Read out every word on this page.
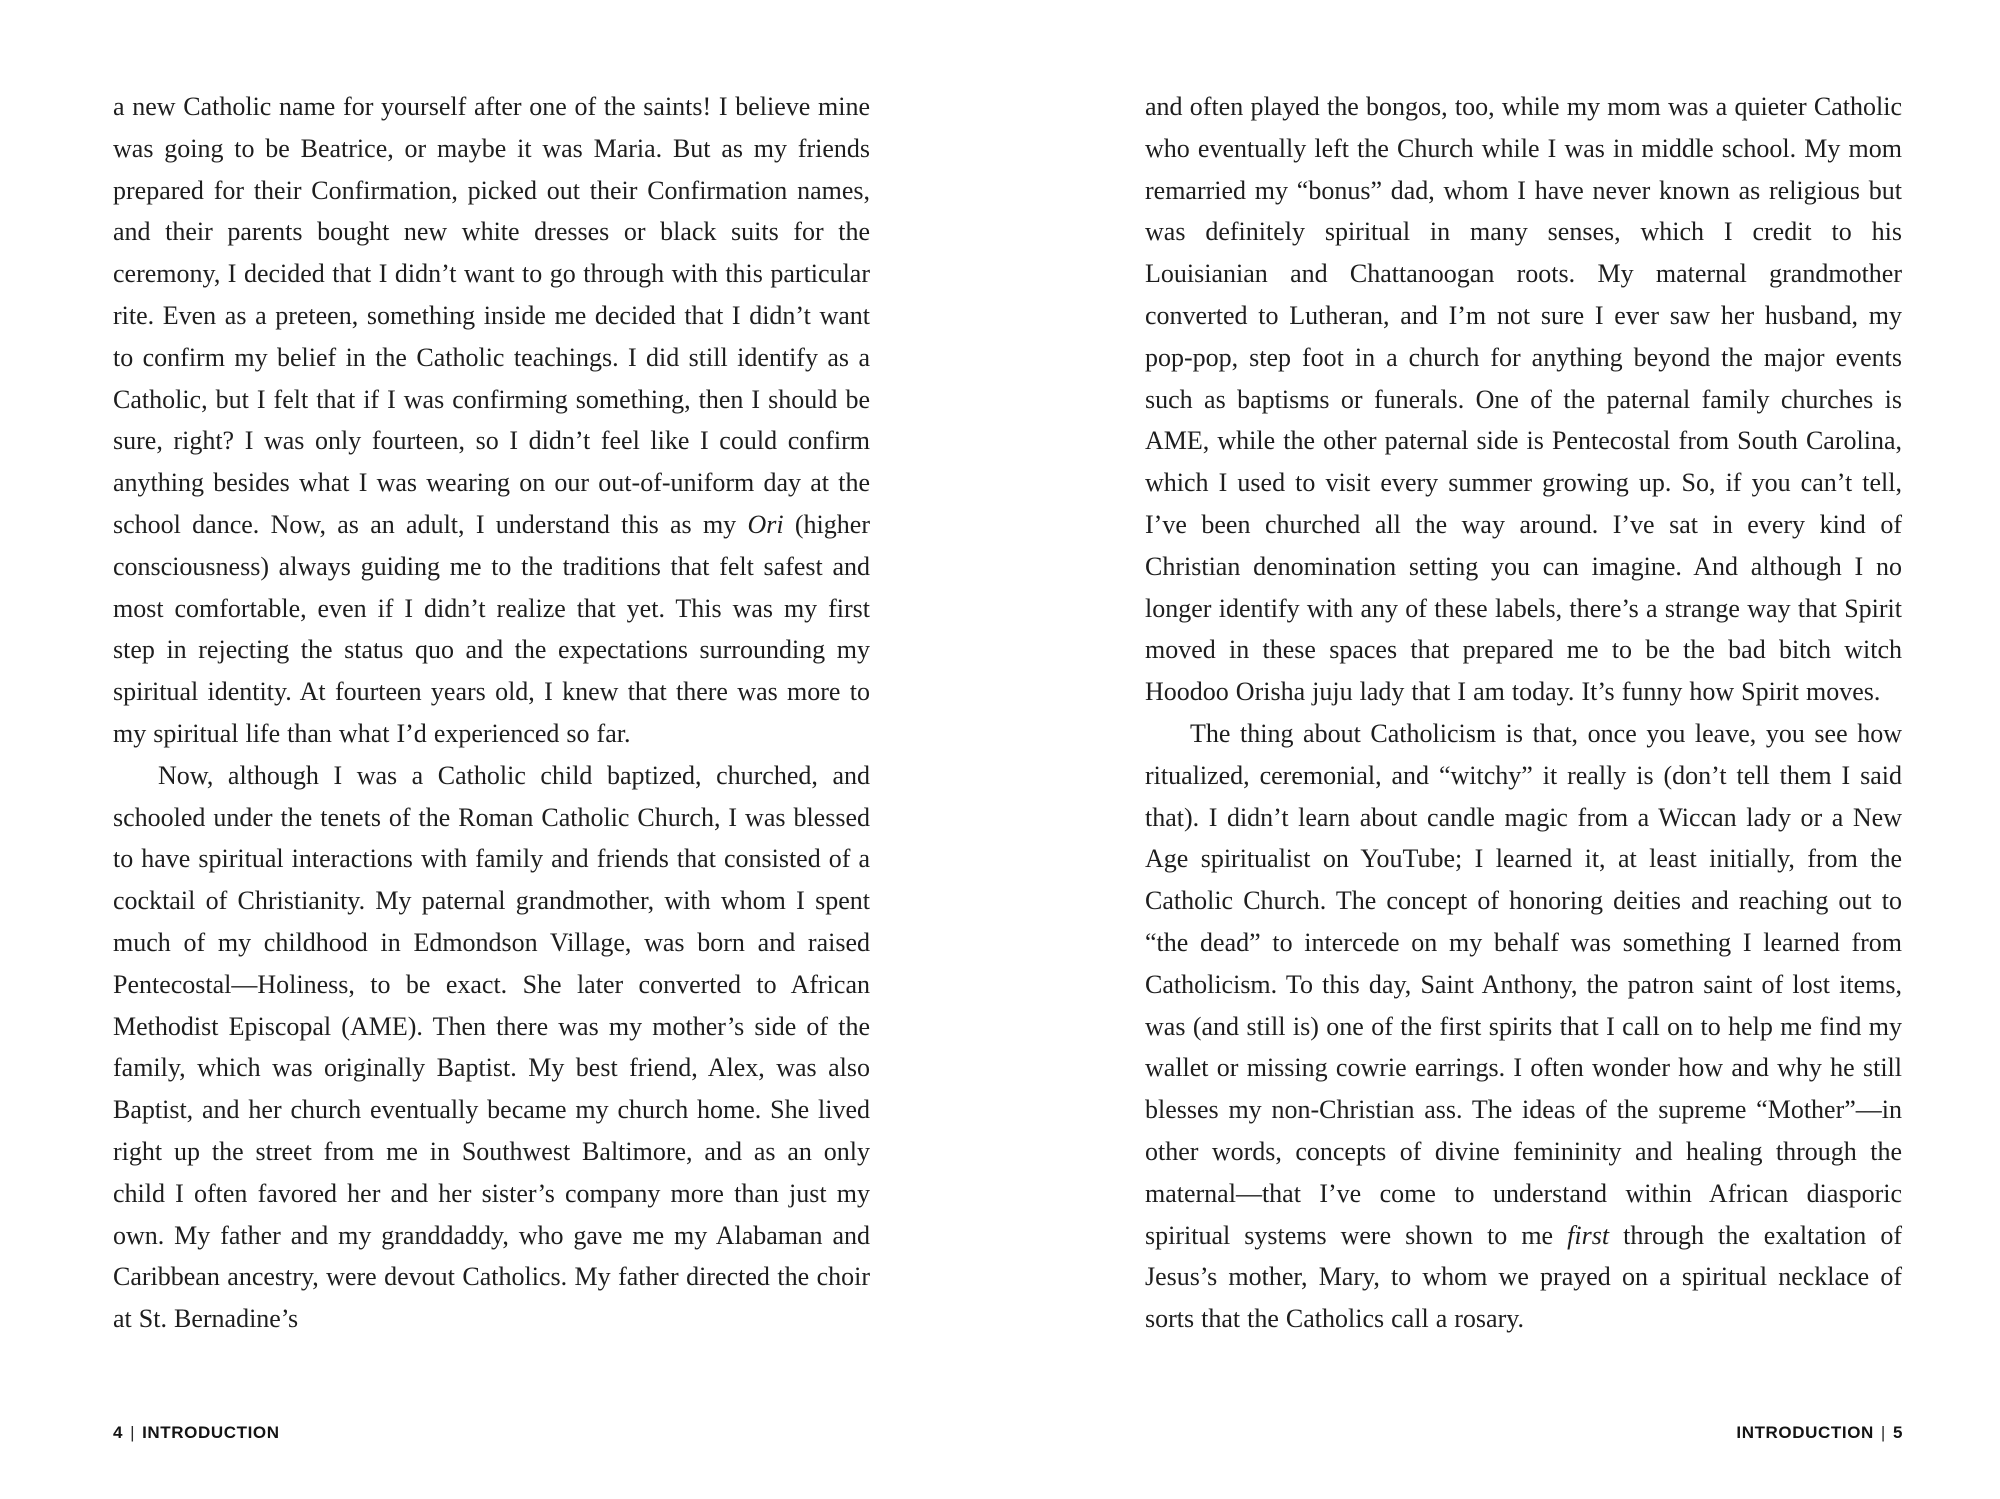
a new Catholic name for yourself after one of the saints! I believe mine was going to be Beatrice, or maybe it was Maria. But as my friends prepared for their Confirmation, picked out their Confirmation names, and their parents bought new white dresses or black suits for the ceremony, I decided that I didn’t want to go through with this particular rite. Even as a preteen, something inside me decided that I didn’t want to confirm my belief in the Catholic teachings. I did still identify as a Catholic, but I felt that if I was confirming something, then I should be sure, right? I was only fourteen, so I didn’t feel like I could confirm anything besides what I was wearing on our out-of-uniform day at the school dance. Now, as an adult, I understand this as my Ori (higher consciousness) always guiding me to the traditions that felt safest and most comfortable, even if I didn’t realize that yet. This was my first step in rejecting the status quo and the expectations surrounding my spiritual identity. At fourteen years old, I knew that there was more to my spiritual life than what I’d experienced so far.

Now, although I was a Catholic child baptized, churched, and schooled under the tenets of the Roman Catholic Church, I was blessed to have spiritual interactions with family and friends that consisted of a cocktail of Christianity. My paternal grandmother, with whom I spent much of my childhood in Edmondson Village, was born and raised Pentecostal—Holiness, to be exact. She later converted to African Methodist Episcopal (AME). Then there was my mother’s side of the family, which was originally Baptist. My best friend, Alex, was also Baptist, and her church eventually became my church home. She lived right up the street from me in Southwest Baltimore, and as an only child I often favored her and her sister’s company more than just my own. My father and my granddaddy, who gave me my Alabaman and Caribbean ancestry, were devout Catholics. My father directed the choir at St. Bernadine’s

4 | INTRODUCTION

and often played the bongos, too, while my mom was a quieter Catholic who eventually left the Church while I was in middle school. My mom remarried my “bonus” dad, whom I have never known as religious but was definitely spiritual in many senses, which I credit to his Louisianian and Chattanoogan roots. My maternal grandmother converted to Lutheran, and I’m not sure I ever saw her husband, my pop-pop, step foot in a church for anything beyond the major events such as baptisms or funerals. One of the paternal family churches is AME, while the other paternal side is Pentecostal from South Carolina, which I used to visit every summer growing up. So, if you can’t tell, I’ve been churched all the way around. I’ve sat in every kind of Christian denomination setting you can imagine. And although I no longer identify with any of these labels, there’s a strange way that Spirit moved in these spaces that prepared me to be the bad bitch witch Hoodoo Orisha juju lady that I am today. It’s funny how Spirit moves.

The thing about Catholicism is that, once you leave, you see how ritualized, ceremonial, and “witchy” it really is (don’t tell them I said that). I didn’t learn about candle magic from a Wiccan lady or a New Age spiritualist on YouTube; I learned it, at least initially, from the Catholic Church. The concept of honoring deities and reaching out to “the dead” to intercede on my behalf was something I learned from Catholicism. To this day, Saint Anthony, the patron saint of lost items, was (and still is) one of the first spirits that I call on to help me find my wallet or missing cowrie earrings. I often wonder how and why he still blesses my non-Christian ass. The ideas of the supreme “Mother”—in other words, concepts of divine femininity and healing through the maternal—that I’ve come to understand within African diasporic spiritual systems were shown to me first through the exaltation of Jesus’s mother, Mary, to whom we prayed on a spiritual necklace of sorts that the Catholics call a rosary.

INTRODUCTION | 5
